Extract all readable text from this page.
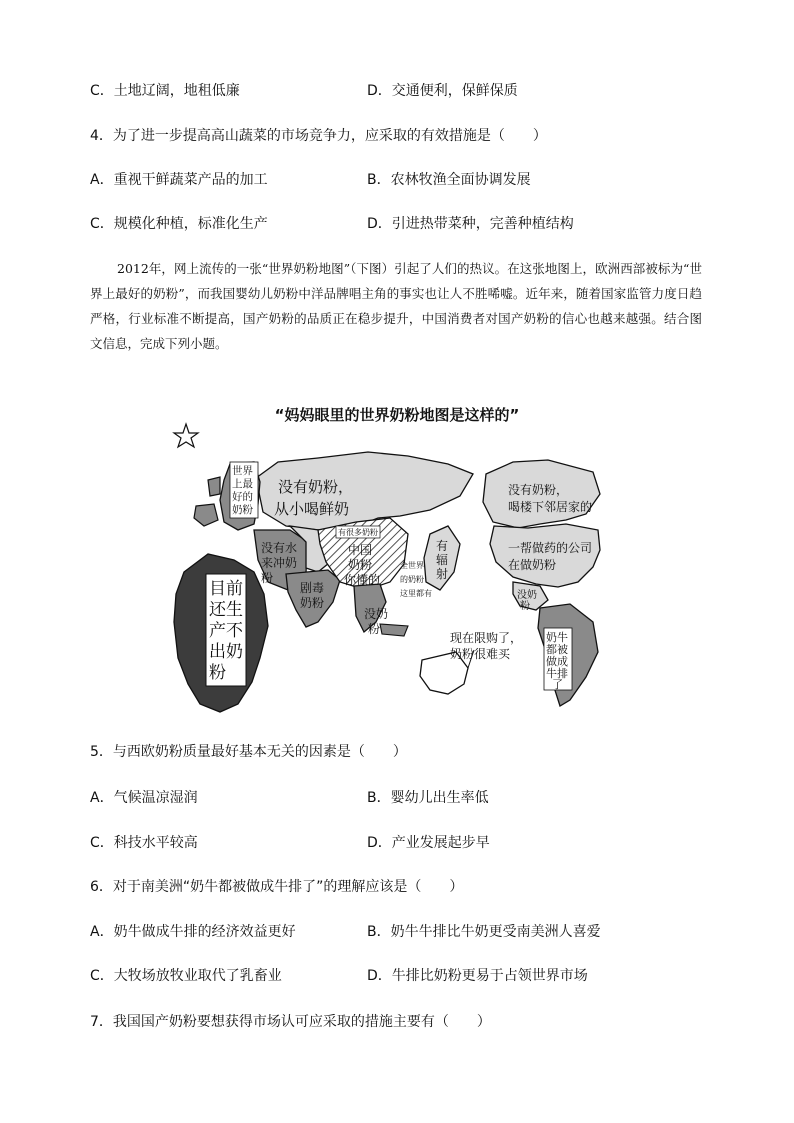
C．土地辽阔，地租低廉	D．交通便利，保鲜保质
4．为了进一步提高高山蔬菜的市场竞争力，应采取的有效措施是（　　）
A．重视干鲜蔬菜产品的加工	B．农林牧渔全面协调发展
C．规模化种植，标准化生产	D．引进热带菜种，完善种植结构
2012年，网上流传的一张“世界奶粉地图”（下图）引起了人们的热议。在这张地图上，欧洲西部被标为“世界上最好的奶粉”，而我国婴幼儿奶粉中洋品牌唱主角的事实也让人不胜唏嘘。近年来，随着国家监管力度日趋严格，行业标准不断提高，国产奶粉的品质正在稳步提升，中国消费者对国产奶粉的信心也越来越强。结合图文信息，完成下列小题。
“妈妈眼里的世界奶粉地图是这样的”
世界
上最
好的
奶粉
没有奶粉，
从小喝鲜奶
没有水
来冲奶
粉
目前
还生
产不
出奶
粉
剧毒
奶粉
有很多奶粉
中国
奶粉
你懂的
有
辐
射
全世界
的奶粉
这里都有
没奶
粉
没有奶粉，
喝楼下邻居家的
一帮做药的公司
在做奶粉
没奶
粉
奶牛
都被
做成
牛排
了
现在限购了，
奶粉很难买
5．与西欧奶粉质量最好基本无关的因素是（　　）
A．气候温凉湿润	B．婴幼儿出生率低
C．科技水平较高	D．产业发展起步早
6．对于南美洲“奶牛都被做成牛排了”的理解应该是（　　）
A．奶牛做成牛排的经济效益更好	B．奶牛牛排比牛奶更受南美洲人喜爱
C．大牧场放牧业取代了乳畜业	D．牛排比奶粉更易于占领世界市场
7．我国国产奶粉要想获得市场认可应采取的措施主要有（　　）
